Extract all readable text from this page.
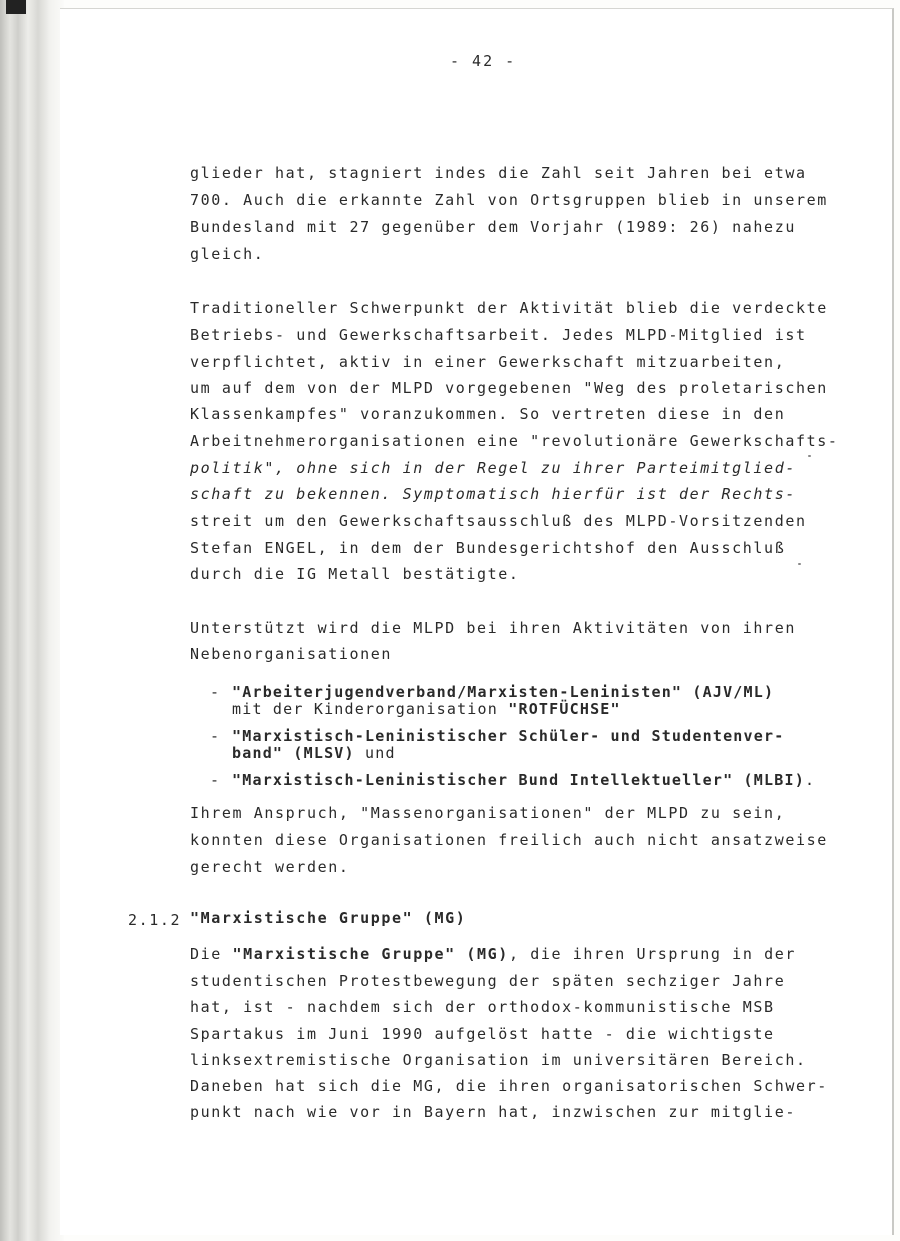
- 42 -
glieder hat, stagniert indes die Zahl seit Jahren bei etwa
700. Auch die erkannte Zahl von Ortsgruppen blieb in unserem
Bundesland mit 27 gegenüber dem Vorjahr (1989: 26) nahezu
gleich.
Traditioneller Schwerpunkt der Aktivität blieb die verdeckte
Betriebs- und Gewerkschaftsarbeit. Jedes MLPD-Mitglied ist
verpflichtet, aktiv in einer Gewerkschaft mitzuarbeiten,
um auf dem von der MLPD vorgegebenen "Weg des proletarischen
Klassenkampfes" voranzukommen. So vertreten diese in den
Arbeitnehmerorganisationen eine "revolutionäre Gewerkschafts-
politik", ohne sich in der Regel zu ihrer Parteimitglied-
schaft zu bekennen. Symptomatisch hierfür ist der Rechts-
streit um den Gewerkschaftsausschluß des MLPD-Vorsitzenden
Stefan ENGEL, in dem der Bundesgerichtshof den Ausschluß
durch die IG Metall bestätigte.
Unterstützt wird die MLPD bei ihren Aktivitäten von ihren
Nebenorganisationen
- "Arbeiterjugendverband/Marxisten-Leninisten" (AJV/ML)
mit der Kinderorganisation "ROTFÜCHSE"
- "Marxistisch-Leninistischer Schüler- und Studentenver-
band" (MLSV) und
- "Marxistisch-Leninistischer Bund Intellektueller" (MLBI).
Ihrem Anspruch, "Massenorganisationen" der MLPD zu sein,
konnten diese Organisationen freilich auch nicht ansatzweise
gerecht werden.
2.1.2 "Marxistische Gruppe" (MG)
Die "Marxistische Gruppe" (MG), die ihren Ursprung in der
studentischen Protestbewegung der späten sechziger Jahre
hat, ist - nachdem sich der orthodox-kommunistische MSB
Spartakus im Juni 1990 aufgelöst hatte - die wichtigste
linksextremistische Organisation im universitären Bereich.
Daneben hat sich die MG, die ihren organisatorischen Schwer-
punkt nach wie vor in Bayern hat, inzwischen zur mitglie-
